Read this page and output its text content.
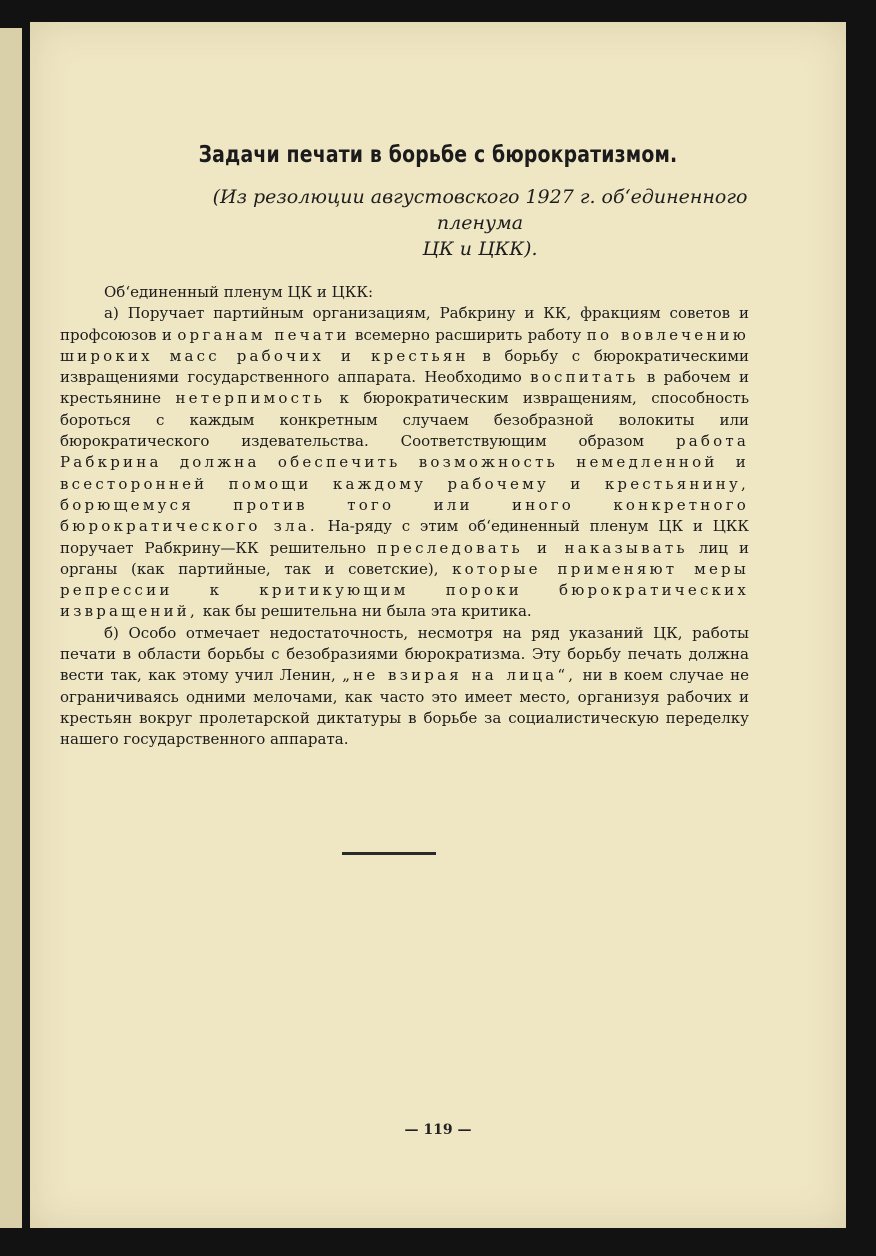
Задачи печати в борьбе с бюрократизмом.
(Из резолюции августовского 1927 г. об‘единенного пленума
ЦК и ЦКК).

Об‘единенный пленум ЦК и ЦКК:

а) Поручает партийным организациям, Рабкрину и КК, фракциям советов и профсоюзов и органам печати всемерно расширить работу по вовлечению широких масс рабочих и крестьян в борьбу с бюрократическими извращениями государственного аппарата. Необходимо воспитать в рабочем и крестьянине нетерпимость к бюрократическим извращениям, способность бороться с каждым конкретным случаем безобразной волокиты или бюрократического издевательства. Соответствующим образом работа Рабкрина должна обеспечить возможность немедленной и всесторонней помощи каждому рабочему и крестьянину, борющемуся против того или иного конкретного бюрократического зла. На-ряду с этим об‘единенный пленум ЦК и ЦКК поручает Рабкрину—КК решительно преследовать и наказывать лиц и органы (как партийные, так и советские), которые применяют меры репрессии к критикующим пороки бюрократических извращений, как бы решительна ни была эта критика.

б) Особо отмечает недостаточность, несмотря на ряд указаний ЦК, работы печати в области борьбы с безобразиями бюрократизма. Эту борьбу печать должна вести так, как этому учил Ленин, „не взирая на лица“, ни в коем случае не ограничиваясь одними мелочами, как часто это имеет место, организуя рабочих и крестьян вокруг пролетарской диктатуры в борьбе за социалистическую переделку нашего государственного аппарата.

— 119 —
